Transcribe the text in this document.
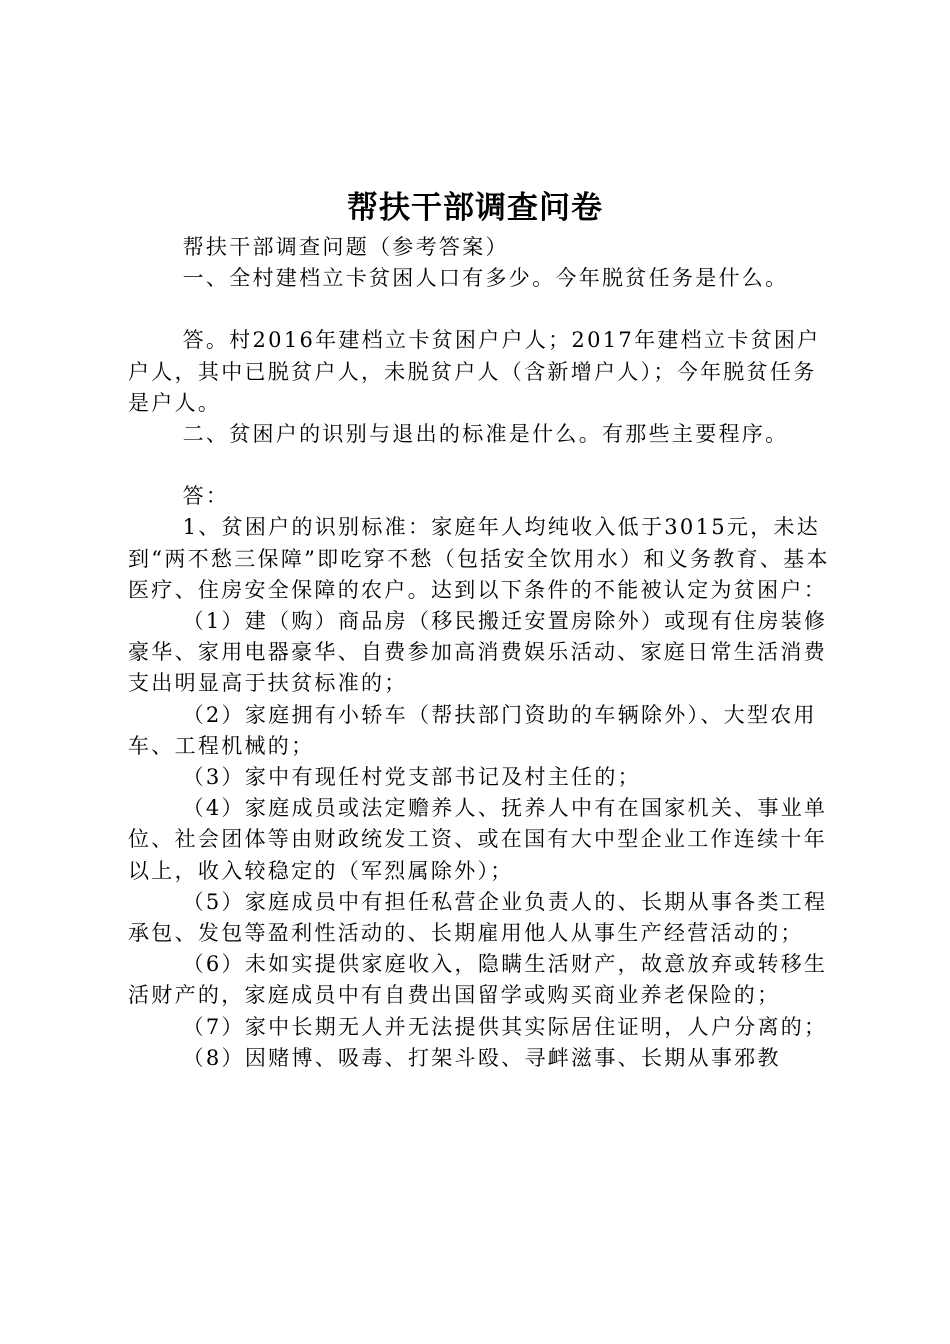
帮扶干部调查问卷

帮扶干部调查问题（参考答案）

一、全村建档立卡贫困人口有多少。今年脱贫任务是什么。

答。村2016年建档立卡贫困户户人；2017年建档立卡贫困户户人，其中已脱贫户人，未脱贫户人（含新增户人）；今年脱贫任务是户人。

二、贫困户的识别与退出的标准是什么。有那些主要程序。

答：

1、贫困户的识别标准：家庭年人均纯收入低于3015元，未达到“两不愁三保障”即吃穿不愁（包括安全饮用水）和义务教育、基本医疗、住房安全保障的农户。达到以下条件的不能被认定为贫困户：

（1）建（购）商品房（移民搬迁安置房除外）或现有住房装修豪华、家用电器豪华、自费参加高消费娱乐活动、家庭日常生活消费支出明显高于扶贫标准的；

（2）家庭拥有小轿车（帮扶部门资助的车辆除外）、大型农用车、工程机械的；

（3）家中有现任村党支部书记及村主任的；

（4）家庭成员或法定赡养人、抚养人中有在国家机关、事业单位、社会团体等由财政统发工资、或在国有大中型企业工作连续十年以上，收入较稳定的（军烈属除外）；

（5）家庭成员中有担任私营企业负责人的、长期从事各类工程承包、发包等盈利性活动的、长期雇用他人从事生产经营活动的；

（6）未如实提供家庭收入，隐瞒生活财产，故意放弃或转移生活财产的，家庭成员中有自费出国留学或购买商业养老保险的；

（7）家中长期无人并无法提供其实际居住证明，人户分离的；

（8）因赌博、吸毒、打架斗殴、寻衅滋事、长期从事邪教
